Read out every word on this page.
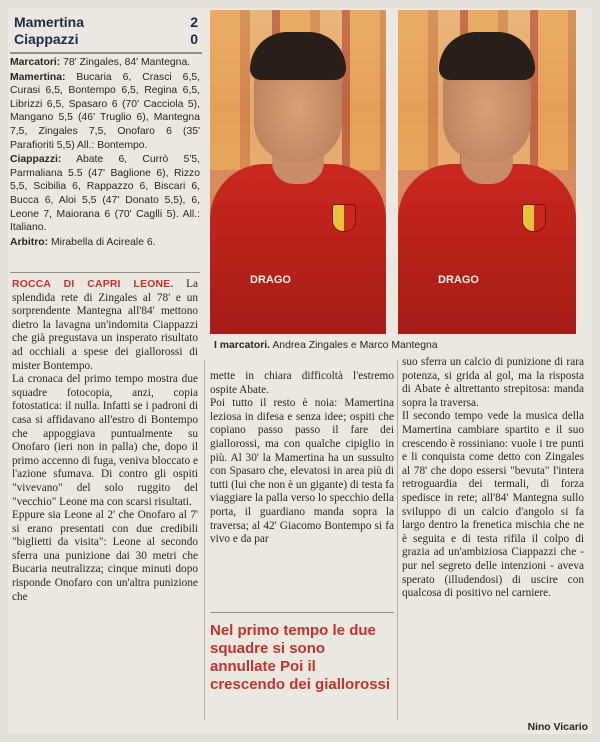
Mamertina	2
Ciappazzi	0

Marcatori: 78' Zingales, 84' Mantegna.

Mamertina: Bucaria 6, Crasci 6,5, Curasi 6,5, Bontempo 6,5, Regina 6,5, Librizzi 6,5, Spasaro 6 (70' Cacciola 5), Mangano 5,5 (46' Truglio 6), Mantegna 7,5, Zingales 7,5, Onofaro 6 (35' Parafioriti 5,5) All.: Bontempo.

Ciappazzi: Abate 6, Currò 5'5, Parmaliana 5.5 (47' Baglione 6), Rizzo 5,5, Scibilia 6, Rappazzo 6, Biscari 6, Bucca 6, Aloi 5,5 (47' Donato 5,5), 6, Leone 7, Maiorana 6 (70' Caglli 5). All.: Italiano.

Arbitro: Mirabella di Acireale 6.

DRAGO	DRAGO
I marcatori. Andrea Zingales e Marco Mantegna

ROCCA DI CAPRI LEONE. La splendida rete di Zingales al 78' e un sorprendente Mantegna all'84' mettono dietro la lavagna un'indomita Ciappazzi che già pregustava un insperato risultato ad occhiali a spese dei giallorossi di mister Bontempo.

La cronaca del primo tempo mostra due squadre fotocopia, anzi, copia fotostatica: il nulla. Infatti se i padroni di casa si affidavano all'estro di Bontempo che appoggiava puntualmente su Onofaro (ieri non in palla) che, dopo il primo accenno di fuga, veniva bloccato e l'azione sfumava. Di contro gli ospiti "vivevano" del solo ruggito del "vecchio" Leone ma con scarsi risultati.

Eppure sia Leone al 2' che Onofaro al 7' si erano presentati con due credibili "biglietti da visita": Leone al secondo sferra una punizione dai 30 metri che Bucaria neutralizza; cinque minuti dopo risponde Onofaro con un'altra punizione che

mette in chiara difficoltà l'estremo ospite Abate.

Poi tutto il resto è noia: Mamertina leziosa in difesa e senza idee; ospiti che copiano passo passo il fare dei giallorossi, ma con qualche cipiglio in più. Al 30' la Mamertina ha un sussulto con Spasaro che, elevatosi in area più di tutti (lui che non è un gigante) di testa fa viaggiare la palla verso lo specchio della porta, il guardiano manda sopra la traversa; al 42' Giacomo Bontempo si fa vivo e da par

suo sferra un calcio di punizione di rara potenza, si grida al gol, ma la risposta di Abate è altrettanto strepitosa: manda sopra la traversa.

Il secondo tempo vede la musica della Mamertina cambiare spartito e il suo crescendo è rossiniano: vuole i tre punti e li conquista come detto con Zingales al 78' che dopo essersi "bevuta" l'intera retroguardia dei termali, di forza spedisce in rete; all'84' Mantegna sullo sviluppo di un calcio d'angolo si fa largo dentro la frenetica mischia che ne è seguita e di testa rifila il colpo di grazia ad un'ambiziosa Ciappazzi che - pur nel segreto delle intenzioni - aveva sperato (illudendosi) di uscire con qualcosa di positivo nel carniere.

Nel primo tempo le due squadre si sono annullate Poi il crescendo dei giallorossi
Nino Vicario
